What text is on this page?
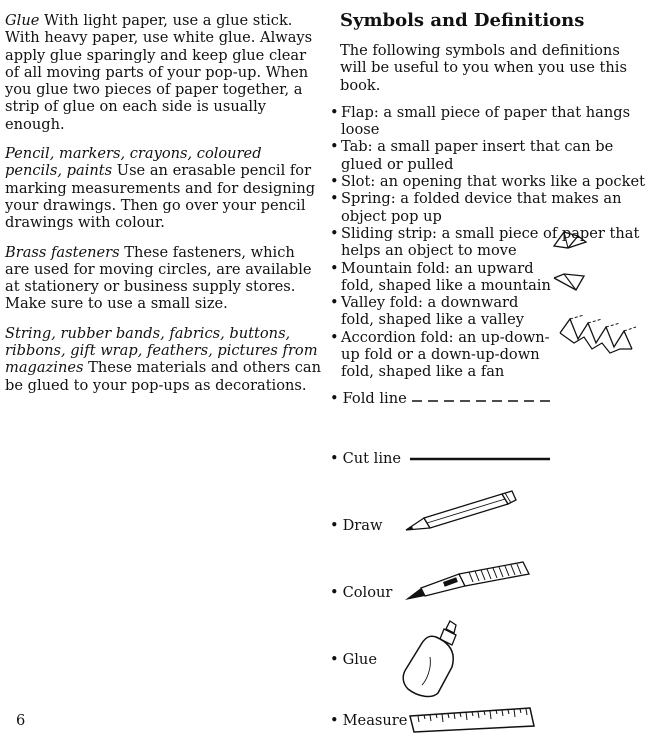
Glue With light paper, use a glue stick. With heavy paper, use white glue. Always apply glue sparingly and keep glue clear of all moving parts of your pop-up. When you glue two pieces of paper together, a strip of glue on each side is usually enough.

Pencil, markers, crayons, coloured pencils, paints Use an erasable pencil for marking measurements and for designing your drawings. Then go over your pencil drawings with colour.

Brass fasteners These fasteners, which are used for moving circles, are available at stationery or business supply stores. Make sure to use a small size.

String, rubber bands, fabrics, buttons, ribbons, gift wrap, feathers, pictures from magazines These materials and others can be glued to your pop-ups as decorations.

Symbols and Definitions
The following symbols and definitions will be useful to you when you use this book.
• Flap: a small piece of paper that hangs loose
• Tab: a small paper insert that can be glued or pulled
• Slot: an opening that works like a pocket
• Spring: a folded device that makes an object pop up
• Sliding strip: a small piece of paper that helps an object to move
• Mountain fold: an upward fold, shaped like a mountain
• Valley fold: a downward fold, shaped like a valley
• Accordion fold: an up-down-up fold or a down-up-down fold, shaped like a fan
• Fold line
• Cut line
• Draw
• Colour
• Glue
• Measure
6
